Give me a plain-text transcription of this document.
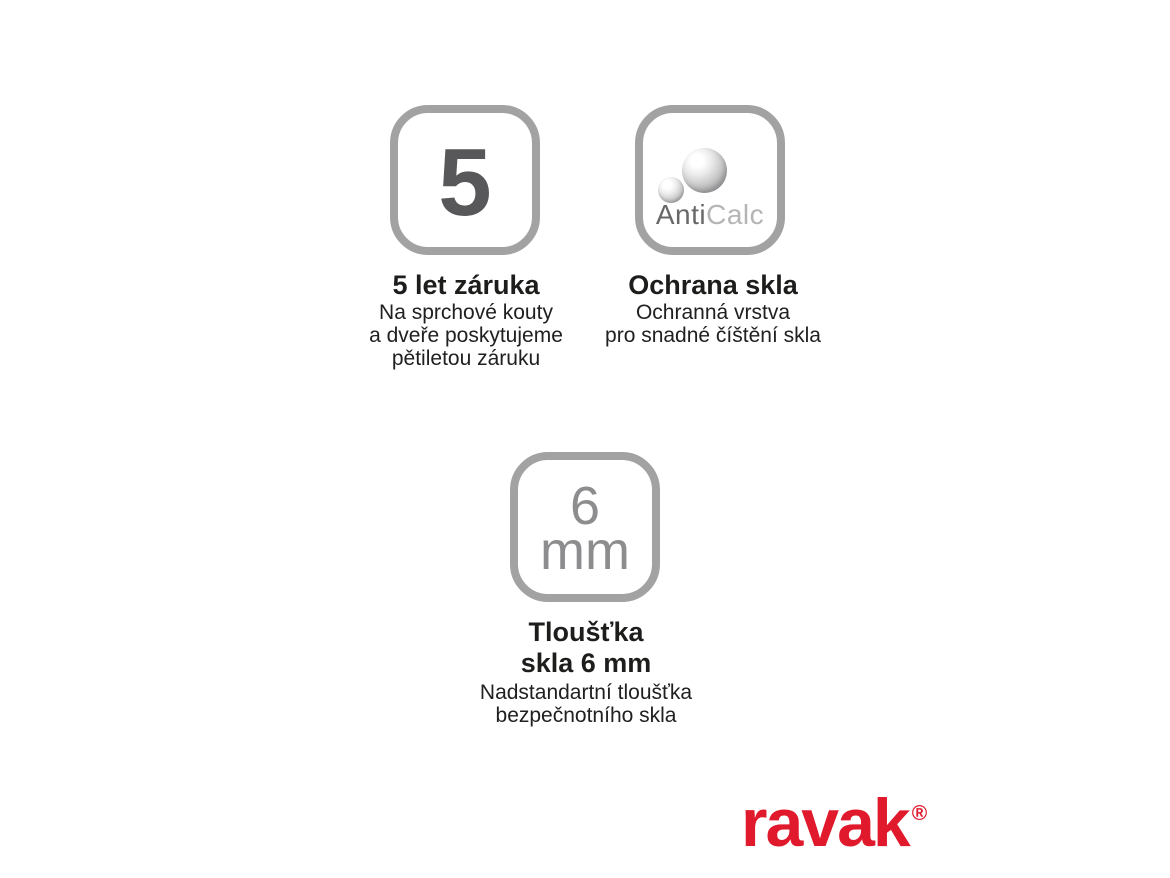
5
5 let záruka
Na sprchové kouty
a dveře poskytujeme
pětiletou záruku
AntiCalc
Ochrana skla
Ochranná vrstva
pro snadné číštění skla
6
mm
Tloušťka
skla 6 mm
Nadstandartní tloušťka
bezpečnotního skla
ravak ®
